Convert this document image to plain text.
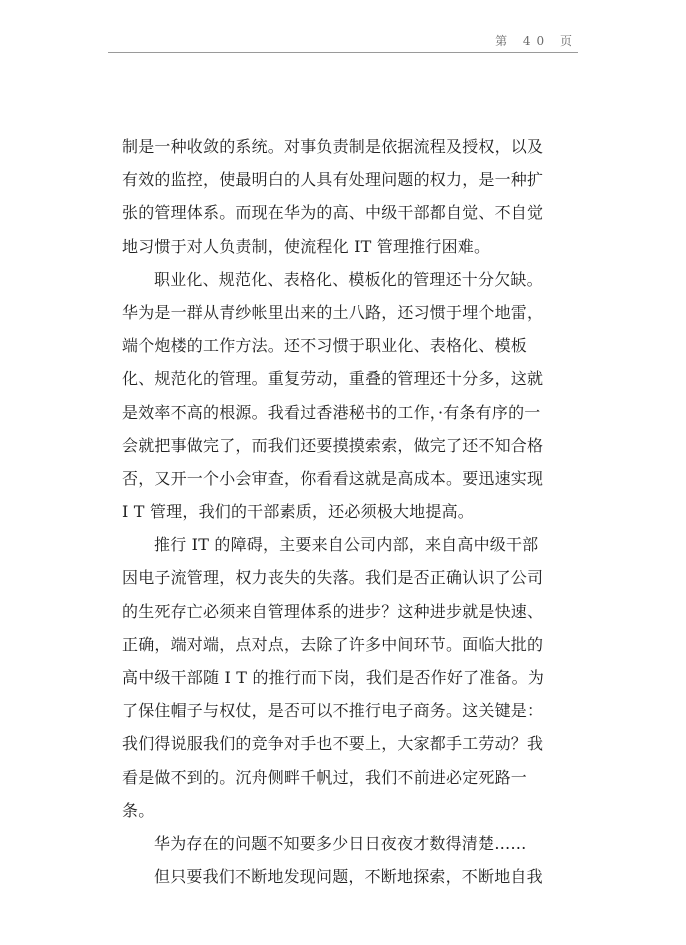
第 40 页
制是一种收敛的系统。对事负责制是依据流程及授权，以及
有效的监控，使最明白的人具有处理问题的权力，是一种扩
张的管理体系。而现在华为的高、中级干部都自觉、不自觉
地习惯于对人负责制，使流程化 IT 管理推行困难。
职业化、规范化、表格化、模板化的管理还十分欠缺。
华为是一群从青纱帐里出来的土八路，还习惯于埋个地雷，
端个炮楼的工作方法。还不习惯于职业化、表格化、模板
化、规范化的管理。重复劳动，重叠的管理还十分多，这就
是效率不高的根源。我看过香港秘书的工作，·有条有序的一
会就把事做完了，而我们还要摸摸索索，做完了还不知合格
否，又开一个小会审查，你看看这就是高成本。要迅速实现
I T 管理，我们的干部素质，还必须极大地提高。
推行 IT 的障碍，主要来自公司内部，来自高中级干部
因电子流管理，权力丧失的失落。我们是否正确认识了公司
的生死存亡必须来自管理体系的进步？这种进步就是快速、
正确，端对端，点对点，去除了许多中间环节。面临大批的
高中级干部随 I T 的推行而下岗，我们是否作好了准备。为
了保住帽子与权仗，是否可以不推行电子商务。这关键是：
我们得说服我们的竞争对手也不要上，大家都手工劳动？我
看是做不到的。沉舟侧畔千帆过，我们不前进必定死路一
条。
华为存在的问题不知要多少日日夜夜才数得清楚……
但只要我们不断地发现问题，不断地探索，不断地自我
